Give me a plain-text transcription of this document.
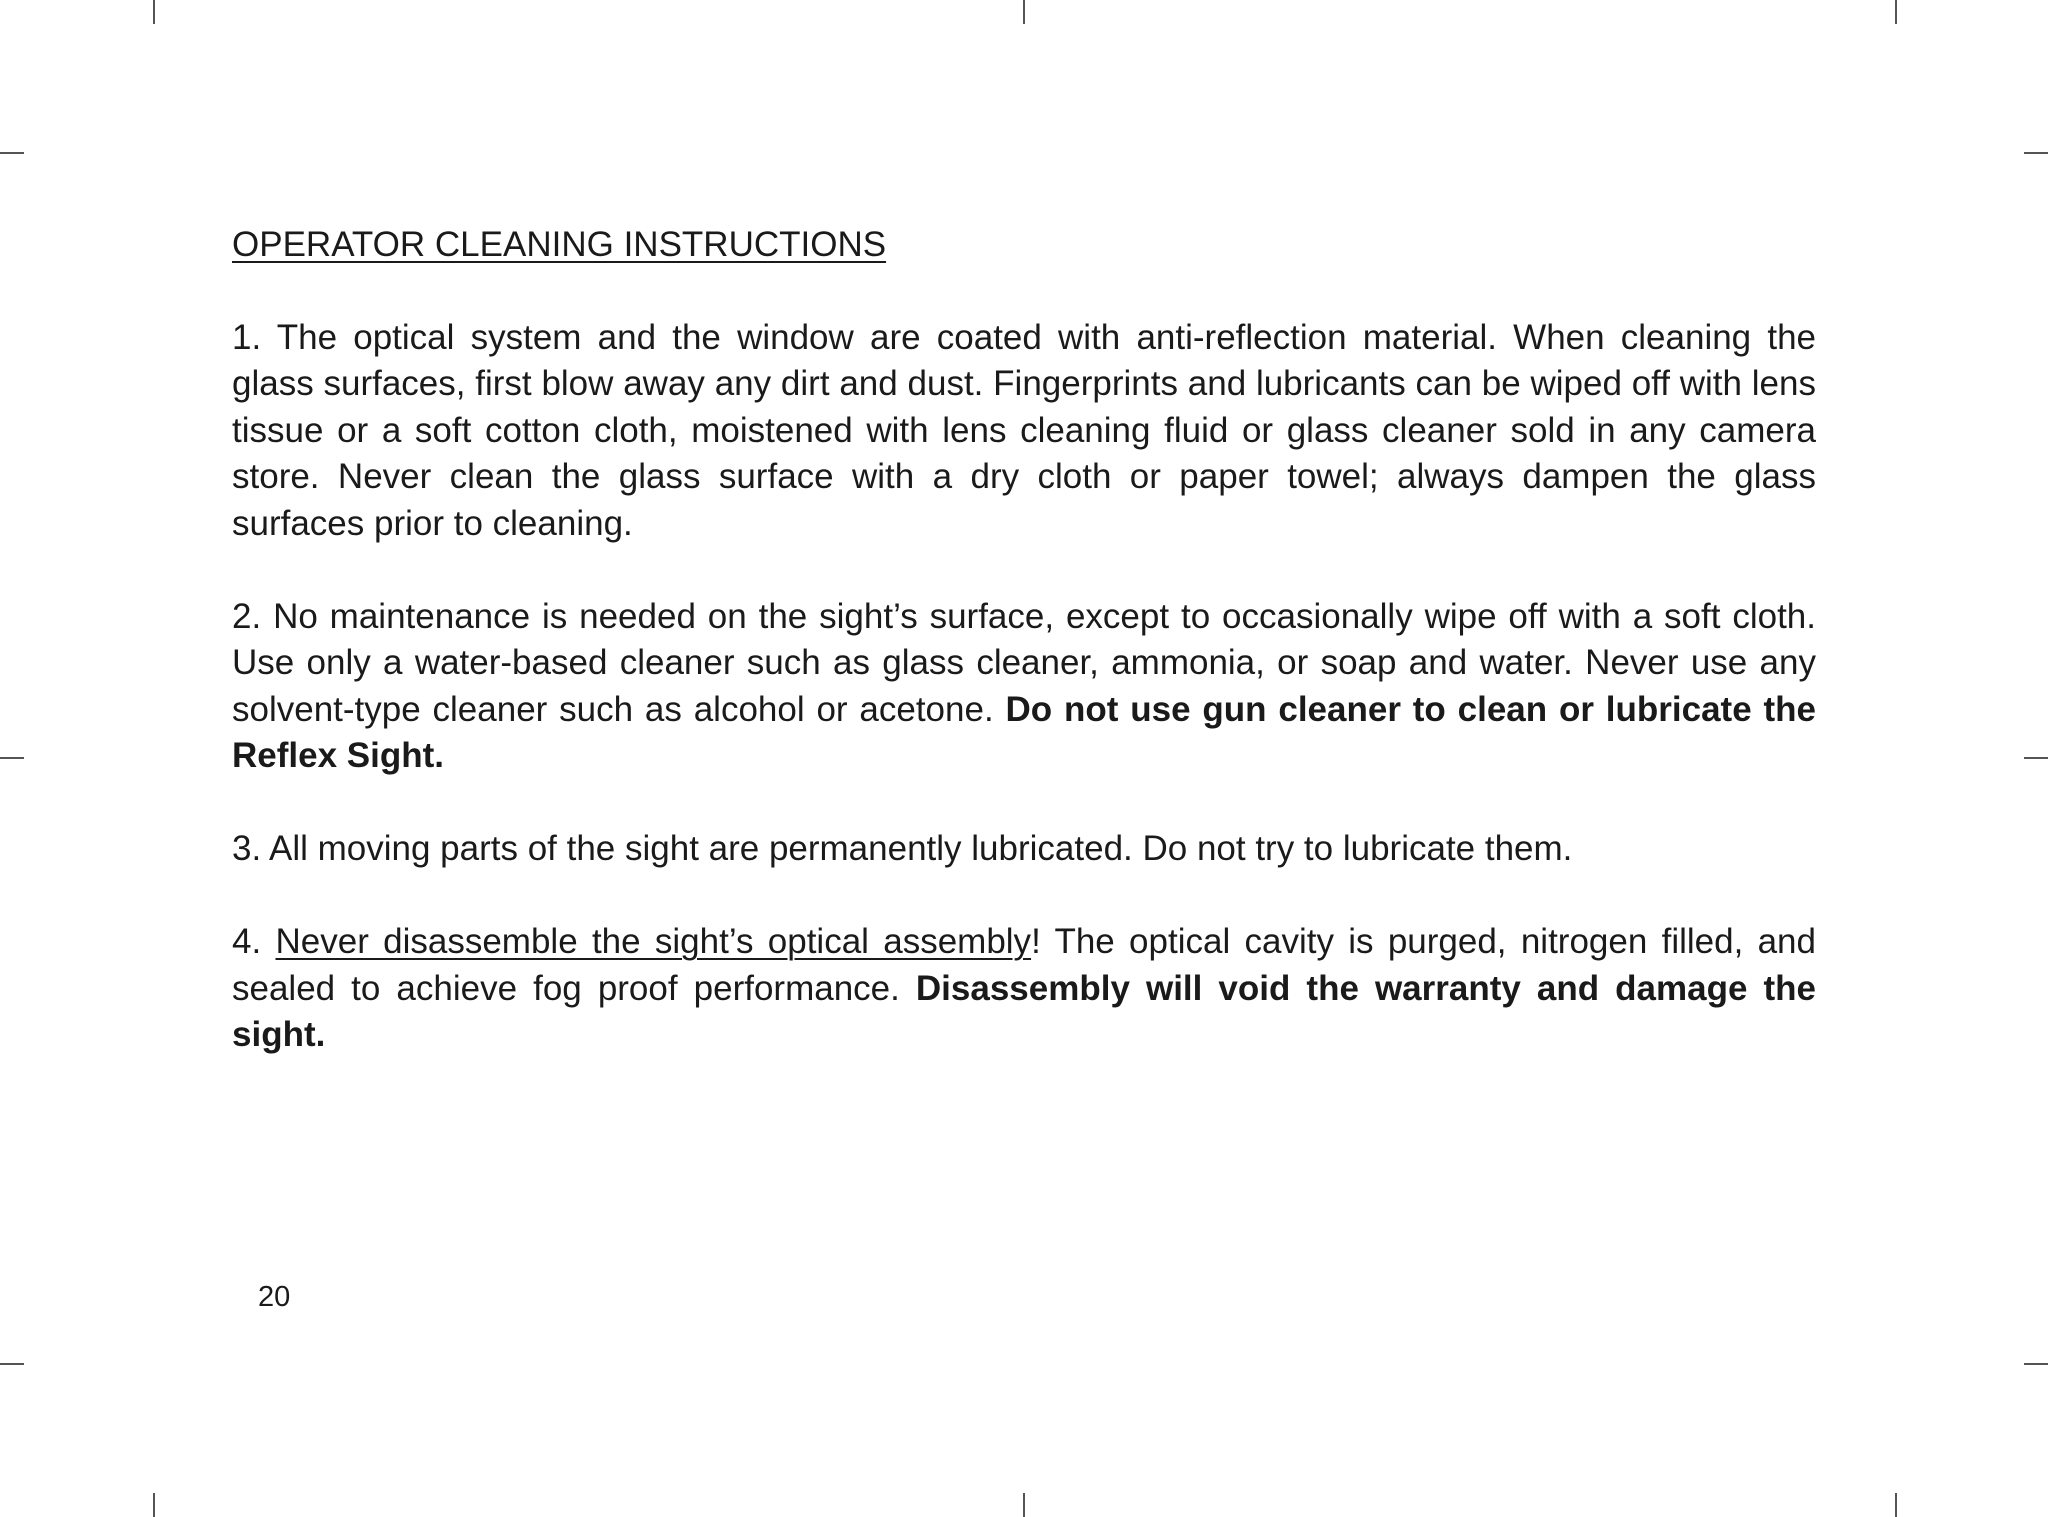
OPERATOR CLEANING INSTRUCTIONS

1. The optical system and the window are coated with anti-reflection material. When cleaning the glass surfaces, first blow away any dirt and dust. Fingerprints and lubricants can be wiped off with lens tissue or a soft cotton cloth, moistened with lens cleaning fluid or glass cleaner sold in any camera store. Never clean the glass surface with a dry cloth or paper towel; always dampen the glass surfaces prior to cleaning.

2. No maintenance is needed on the sight’s surface, except to occasionally wipe off with a soft cloth. Use only a water-based cleaner such as glass cleaner, ammonia, or soap and water. Never use any solvent-type cleaner such as alcohol or acetone. Do not use gun cleaner to clean or lubricate the Reflex Sight.

3. All moving parts of the sight are permanently lubricated. Do not try to lubricate them.

4. Never disassemble the sight’s optical assembly! The optical cavity is purged, nitrogen filled, and sealed to achieve fog proof performance. Disassembly will void the warranty and damage the sight.

20
